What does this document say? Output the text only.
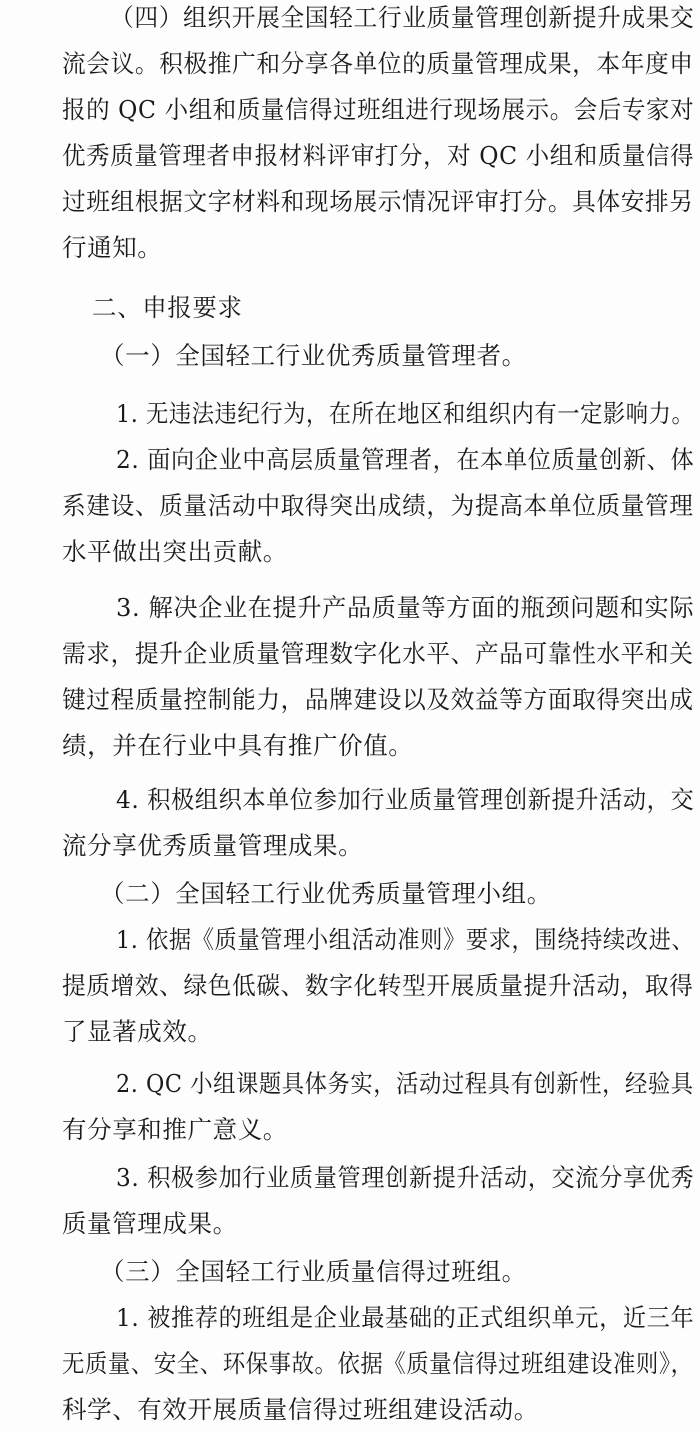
（四）组织开展全国轻工行业质量管理创新提升成果交
流会议。积极推广和分享各单位的质量管理成果，本年度申
报的 QC 小组和质量信得过班组进行现场展示。会后专家对
优秀质量管理者申报材料评审打分，对 QC 小组和质量信得
过班组根据文字材料和现场展示情况评审打分。具体安排另
行通知。
二、申报要求
（一）全国轻工行业优秀质量管理者。
1. 无违法违纪行为，在所在地区和组织内有一定影响力。
2. 面向企业中高层质量管理者，在本单位质量创新、体
系建设、质量活动中取得突出成绩，为提高本单位质量管理
水平做出突出贡献。
3. 解决企业在提升产品质量等方面的瓶颈问题和实际
需求，提升企业质量管理数字化水平、产品可靠性水平和关
键过程质量控制能力，品牌建设以及效益等方面取得突出成
绩，并在行业中具有推广价值。
4. 积极组织本单位参加行业质量管理创新提升活动，交
流分享优秀质量管理成果。
（二）全国轻工行业优秀质量管理小组。
1. 依据《质量管理小组活动准则》要求，围绕持续改进、
提质增效、绿色低碳、数字化转型开展质量提升活动，取得
了显著成效。
2. QC 小组课题具体务实，活动过程具有创新性，经验具
有分享和推广意义。
3. 积极参加行业质量管理创新提升活动，交流分享优秀
质量管理成果。
（三）全国轻工行业质量信得过班组。
1. 被推荐的班组是企业最基础的正式组织单元，近三年
无质量、安全、环保事故。依据《质量信得过班组建设准则》，
科学、有效开展质量信得过班组建设活动。
